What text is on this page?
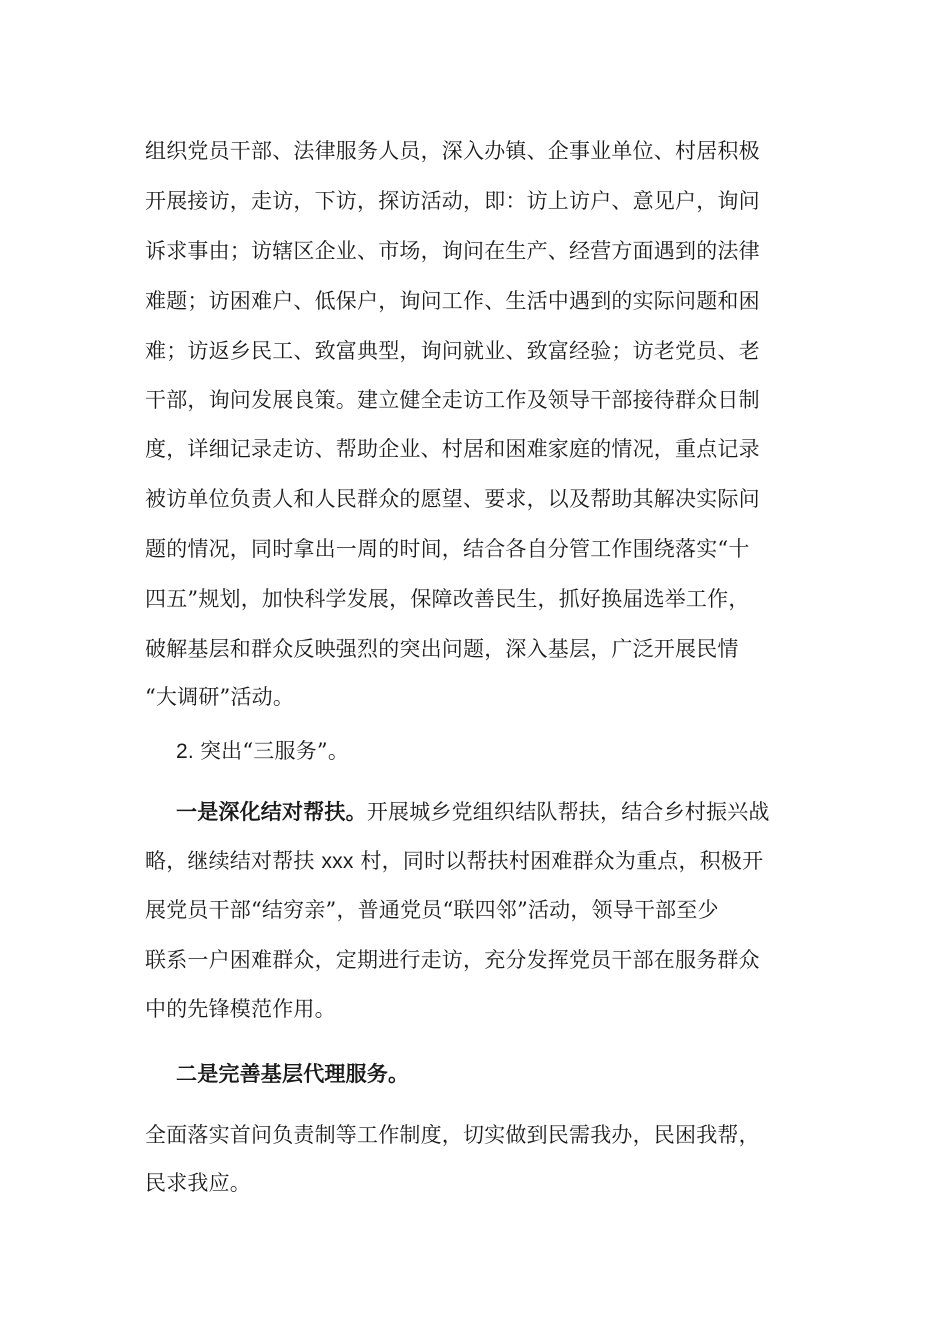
组织党员干部、法律服务人员，深入办镇、企事业单位、村居积极
开展接访，走访，下访，探访活动，即：访上访户、意见户，询问
诉求事由；访辖区企业、市场，询问在生产、经营方面遇到的法律
难题；访困难户、低保户，询问工作、生活中遇到的实际问题和困
难；访返乡民工、致富典型，询问就业、致富经验；访老党员、老
干部，询问发展良策。建立健全走访工作及领导干部接待群众日制
度，详细记录走访、帮助企业、村居和困难家庭的情况，重点记录
被访单位负责人和人民群众的愿望、要求，以及帮助其解决实际问
题的情况，同时拿出一周的时间，结合各自分管工作围绕落实“十
四五”规划，加快科学发展，保障改善民生，抓好换届选举工作，
破解基层和群众反映强烈的突出问题，深入基层，广泛开展民情
“大调研”活动。
2. 突出“三服务”。
一是深化结对帮扶。开展城乡党组织结队帮扶，结合乡村振兴战
略，继续结对帮扶 xxx 村，同时以帮扶村困难群众为重点，积极开
展党员干部“结穷亲”，普通党员“联四邻”活动，领导干部至少
联系一户困难群众，定期进行走访，充分发挥党员干部在服务群众
中的先锋模范作用。
二是完善基层代理服务。
全面落实首问负责制等工作制度，切实做到民需我办，民困我帮，
民求我应。
